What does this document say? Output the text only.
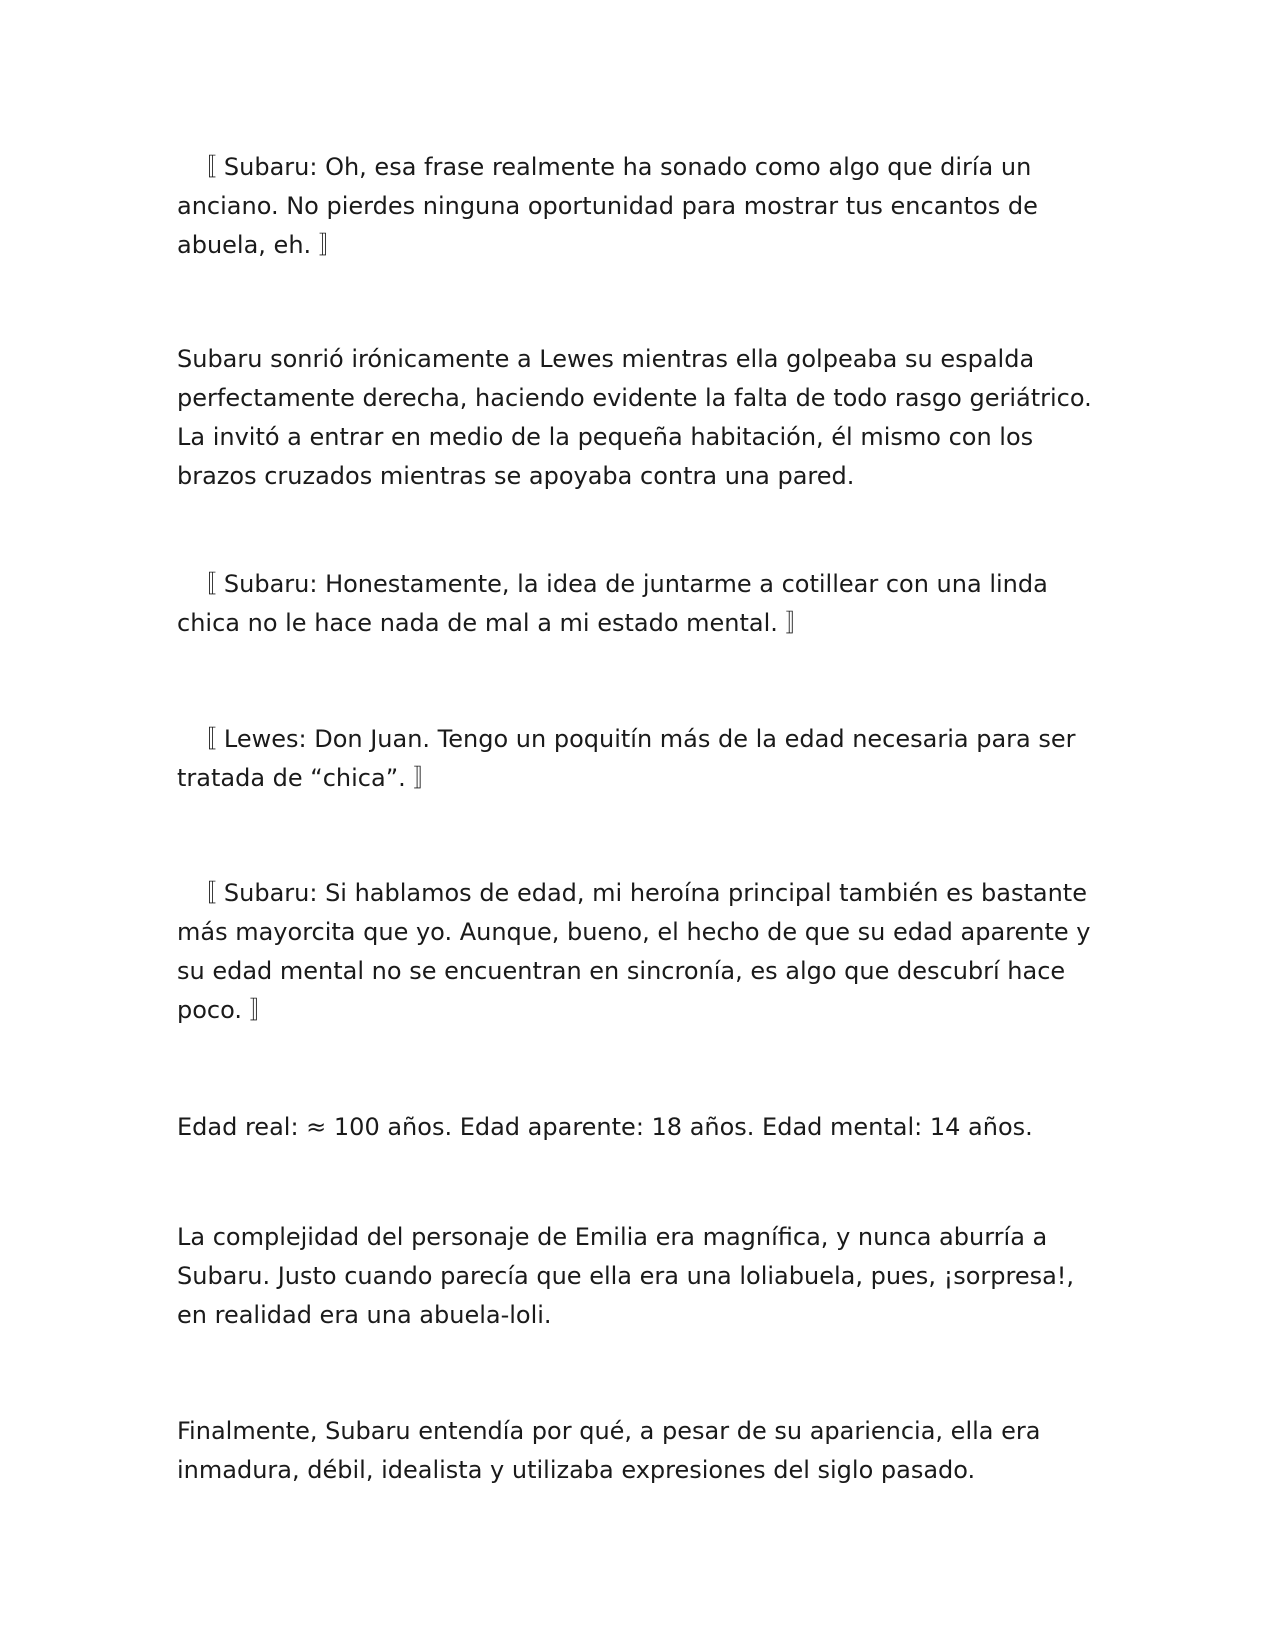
〚 Subaru: Oh, esa frase realmente ha sonado como algo que diría un anciano. No pierdes ninguna oportunidad para mostrar tus encantos de abuela, eh. 〛

Subaru sonrió irónicamente a Lewes mientras ella golpeaba su espalda perfectamente derecha, haciendo evidente la falta de todo rasgo geriátrico. La invitó a entrar en medio de la pequeña habitación, él mismo con los brazos cruzados mientras se apoyaba contra una pared.

〚 Subaru: Honestamente, la idea de juntarme a cotillear con una linda chica no le hace nada de mal a mi estado mental. 〛

〚 Lewes: Don Juan. Tengo un poquitín más de la edad necesaria para ser tratada de “chica”. 〛

〚 Subaru: Si hablamos de edad, mi heroína principal también es bastante más mayorcita que yo. Aunque, bueno, el hecho de que su edad aparente y su edad mental no se encuentran en sincronía, es algo que descubrí hace poco. 〛

Edad real: ≈ 100 años. Edad aparente: 18 años. Edad mental: 14 años.

La complejidad del personaje de Emilia era magnífica, y nunca aburría a Subaru. Justo cuando parecía que ella era una loliabuela, pues, ¡sorpresa!, en realidad era una abuela-loli.

Finalmente, Subaru entendía por qué, a pesar de su apariencia, ella era inmadura, débil, idealista y utilizaba expresiones del siglo pasado.
